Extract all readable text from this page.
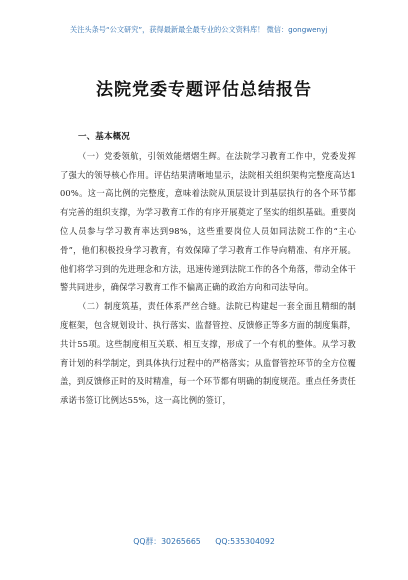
关注头条号“公文研究”，获得最新最全最专业的公文资料库！ 微信：gongwenyj
法院党委专题评估总结报告

一、基本概况

（一）党委领航，引领效能熠熠生辉。在法院学习教育工作中，党委发挥了强大的领导核心作用。评估结果清晰地显示，法院相关组织架构完整度高达100%。这一高比例的完整度，意味着法院从顶层设计到基层执行的各个环节都有完善的组织支撑，为学习教育工作的有序开展奠定了坚实的组织基础。重要岗位人员参与学习教育率达到98%，这些重要岗位人员如同法院工作的“主心骨”，他们积极投身学习教育，有效保障了学习教育工作导向精准、有序开展。他们将学习到的先进理念和方法，迅速传递到法院工作的各个角落，带动全体干警共同进步，确保学习教育工作不偏离正确的政治方向和司法导向。

（二）制度筑基，责任体系严丝合缝。法院已构建起一套全面且精细的制度框架，包含规划设计、执行落实、监督管控、反馈修正等多方面的制度集群，共计55项。这些制度相互关联、相互支撑，形成了一个有机的整体。从学习教育计划的科学制定，到具体执行过程中的严格落实；从监督管控环节的全方位覆盖，到反馈修正时的及时精准，每一个环节都有明确的制度规范。重点任务责任承诺书签订比例达55%，这一高比例的签订，

QQ群：30265665 QQ:535304092
